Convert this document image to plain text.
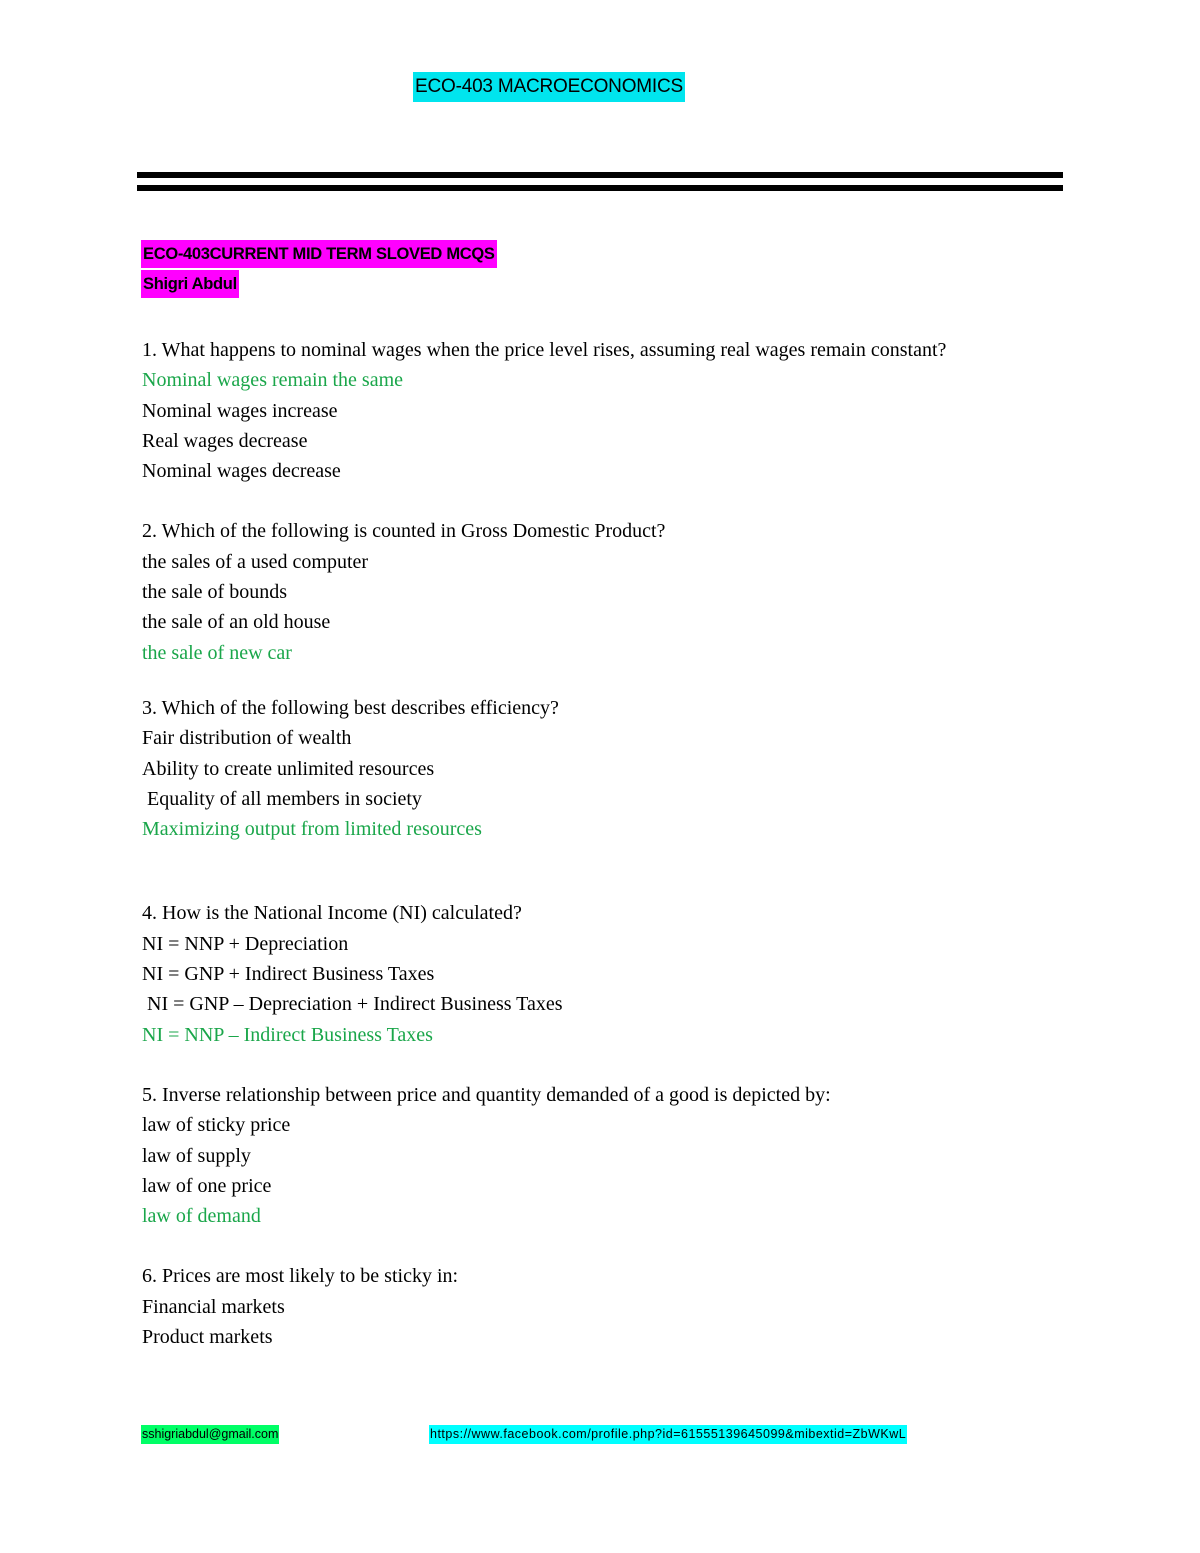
ECO-403 MACROECONOMICS
ECO-403CURRENT MID TERM SLOVED MCQS
Shigri Abdul
1. What happens to nominal wages when the price level rises, assuming real wages remain constant?
Nominal wages remain the same
Nominal wages increase
Real wages decrease
Nominal wages decrease
2. Which of the following is counted in Gross Domestic Product?
the sales of a used computer
the sale of bounds
the sale of an old house
the sale of new car
3. Which of the following best describes efficiency?
Fair distribution of wealth
Ability to create unlimited resources
Equality of all members in society
Maximizing output from limited resources
4. How is the National Income (NI) calculated?
NI = NNP + Depreciation
NI = GNP + Indirect Business Taxes
NI = GNP – Depreciation + Indirect Business Taxes
NI = NNP – Indirect Business Taxes
5. Inverse relationship between price and quantity demanded of a good is depicted by:
law of sticky price
law of supply
law of one price
law of demand
6. Prices are most likely to be sticky in:
Financial markets
Product markets
sshigriabdul@gmail.com	https://www.facebook.com/profile.php?id=61555139645099&mibextid=ZbWKwL
